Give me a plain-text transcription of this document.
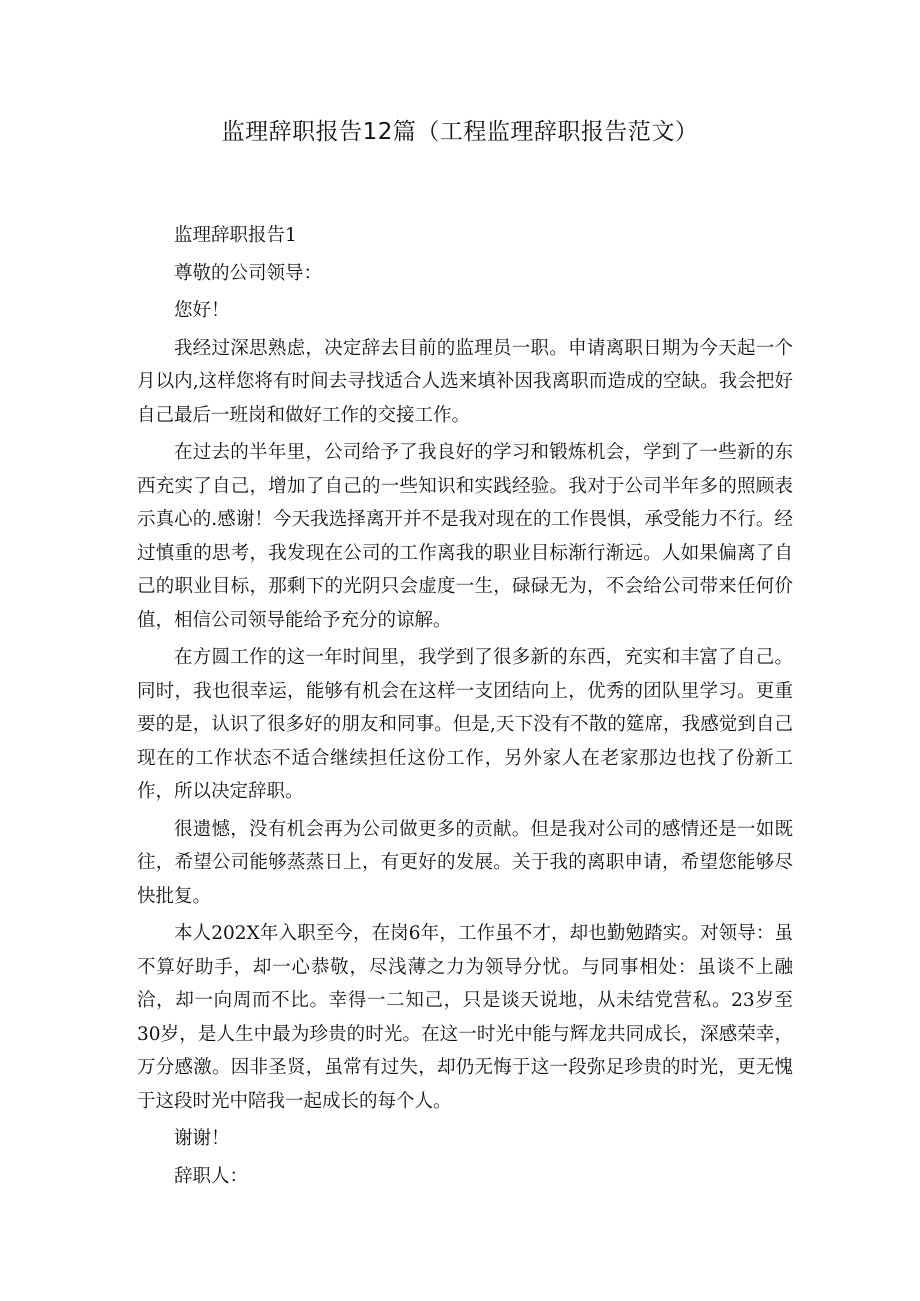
监理辞职报告12篇（工程监理辞职报告范文）

监理辞职报告1

尊敬的公司领导：

您好！

我经过深思熟虑，决定辞去目前的监理员一职。申请离职日期为今天起一个月以内,这样您将有时间去寻找适合人选来填补因我离职而造成的空缺。我会把好自己最后一班岗和做好工作的交接工作。

在过去的半年里，公司给予了我良好的学习和锻炼机会，学到了一些新的东西充实了自己，增加了自己的一些知识和实践经验。我对于公司半年多的照顾表示真心的.感谢！今天我选择离开并不是我对现在的工作畏惧，承受能力不行。经过慎重的思考，我发现在公司的工作离我的职业目标渐行渐远。人如果偏离了自己的职业目标，那剩下的光阴只会虚度一生，碌碌无为，不会给公司带来任何价值，相信公司领导能给予充分的谅解。

在方圆工作的这一年时间里，我学到了很多新的东西，充实和丰富了自己。同时，我也很幸运，能够有机会在这样一支团结向上，优秀的团队里学习。更重要的是，认识了很多好的朋友和同事。但是,天下没有不散的筵席，我感觉到自己现在的工作状态不适合继续担任这份工作，另外家人在老家那边也找了份新工作，所以决定辞职。

很遗憾，没有机会再为公司做更多的贡献。但是我对公司的感情还是一如既往，希望公司能够蒸蒸日上，有更好的发展。关于我的离职申请，希望您能够尽快批复。

本人202X年入职至今，在岗6年，工作虽不才，却也勤勉踏实。对领导：虽不算好助手，却一心恭敬，尽浅薄之力为领导分忧。与同事相处：虽谈不上融洽，却一向周而不比。幸得一二知己，只是谈天说地，从未结党营私。23岁至30岁，是人生中最为珍贵的时光。在这一时光中能与辉龙共同成长，深感荣幸，万分感激。因非圣贤，虽常有过失，却仍无悔于这一段弥足珍贵的时光，更无愧于这段时光中陪我一起成长的每个人。

谢谢！

辞职人：
